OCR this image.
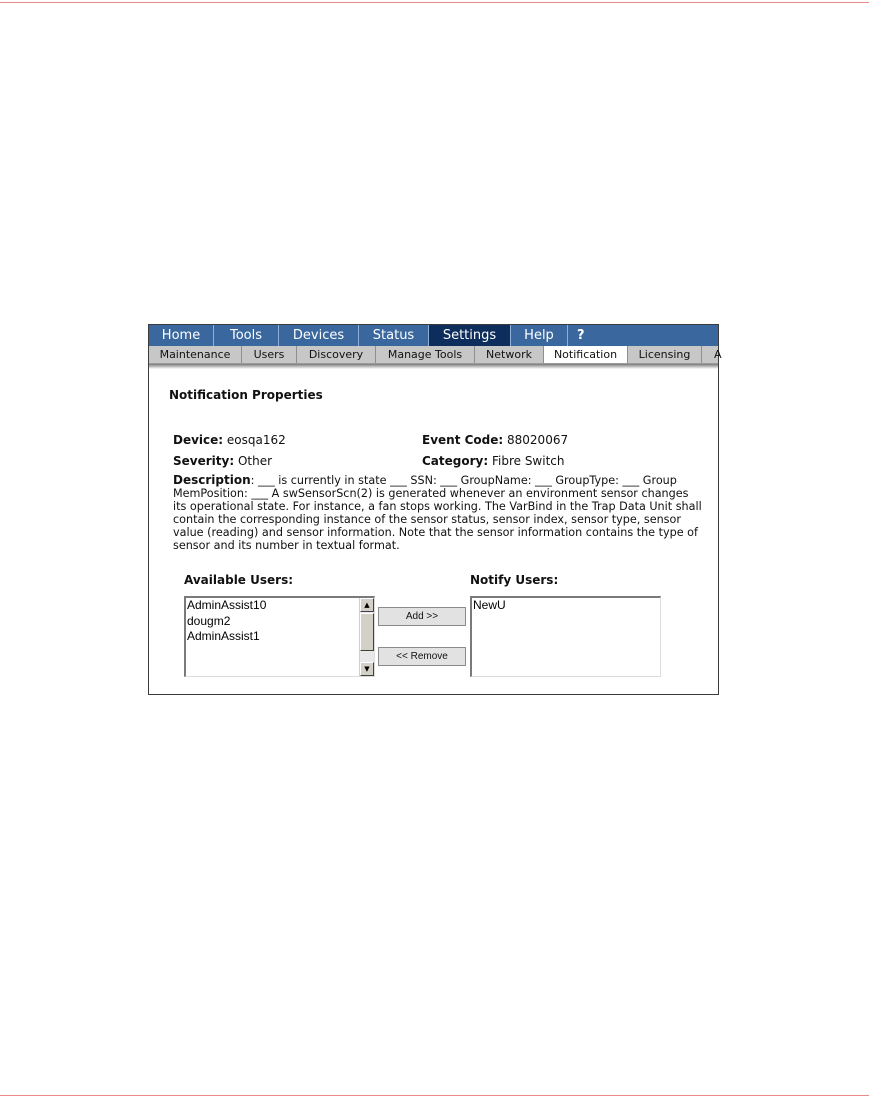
Home	Tools	Devices	Status	Settings	Help	?
Maintenance	Users	Discovery	Manage Tools	Network	Notification	Licensing	A
Notification Properties
Device: eosqa162	Event Code: 88020067
Severity: Other	Category: Fibre Switch
Description: ___ is currently in state ___ SSN: ___ GroupName: ___ GroupType: ___ Group MemPosition: ___ A swSensorScn(2) is generated whenever an environment sensor changes its operational state. For instance, a fan stops working. The VarBind in the Trap Data Unit shall contain the corresponding instance of the sensor status, sensor index, sensor type, sensor value (reading) and sensor information. Note that the sensor information contains the type of sensor and its number in textual format.
Available Users:	Notify Users:
AdminAssist10
dougm2
AdminAssist1
▲
▼
Add >>
<< Remove
NewU
